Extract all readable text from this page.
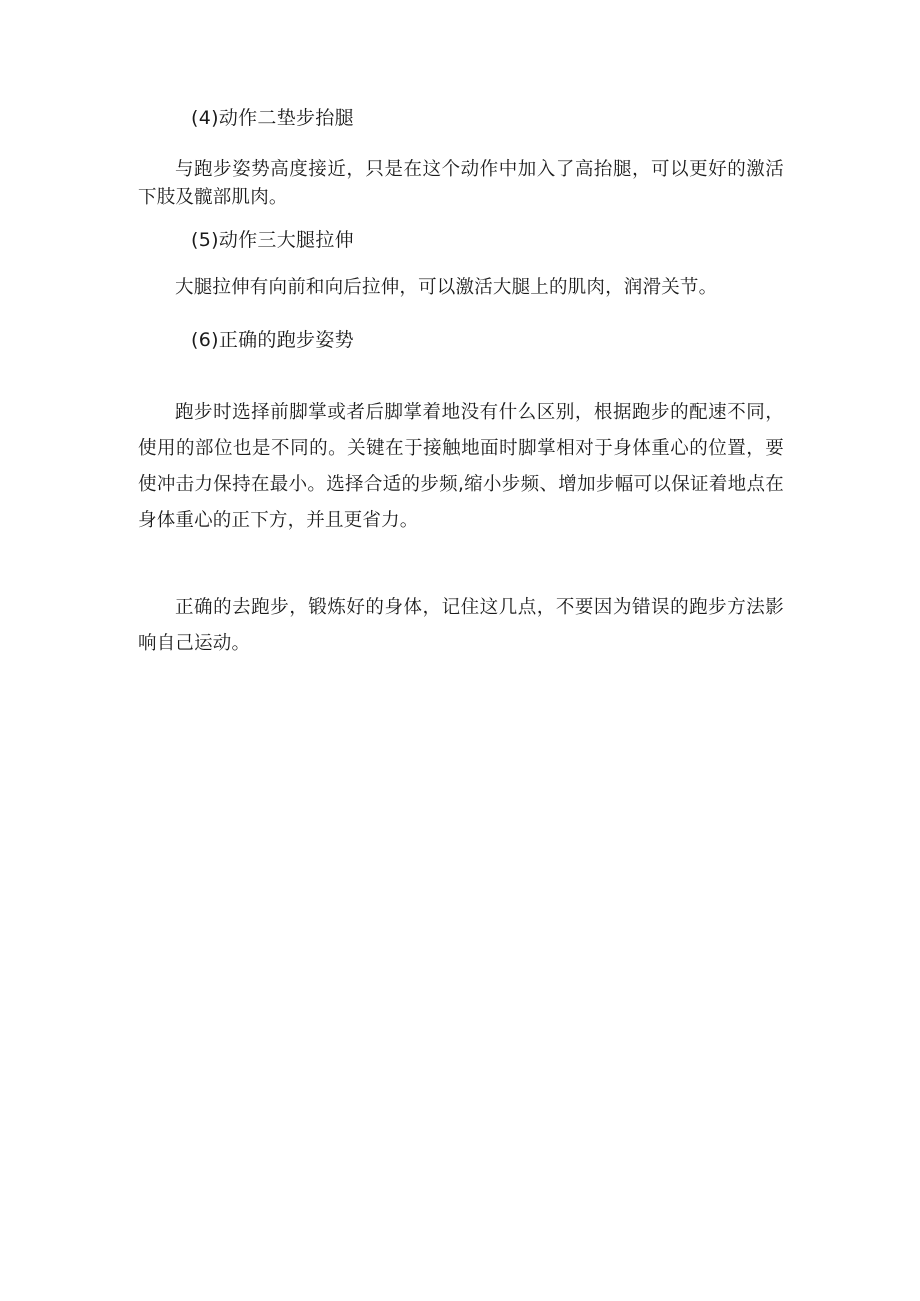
(4)动作二垫步抬腿

与跑步姿势高度接近，只是在这个动作中加入了高抬腿，可以更好的激活下肢及髋部肌肉。

(5)动作三大腿拉伸

大腿拉伸有向前和向后拉伸，可以激活大腿上的肌肉，润滑关节。

(6)正确的跑步姿势

跑步时选择前脚掌或者后脚掌着地没有什么区别，根据跑步的配速不同，使用的部位也是不同的。关键在于接触地面时脚掌相对于身体重心的位置，要使冲击力保持在最小。选择合适的步频,缩小步频、增加步幅可以保证着地点在身体重心的正下方，并且更省力。

正确的去跑步，锻炼好的身体，记住这几点，不要因为错误的跑步方法影响自己运动。
